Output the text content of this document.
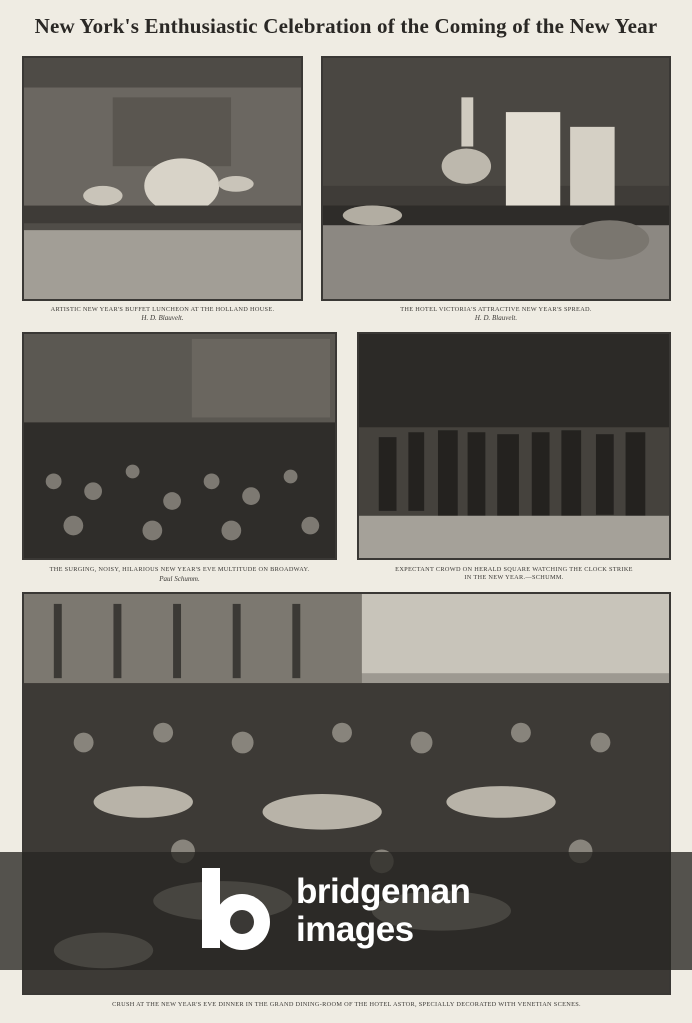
New York's Enthusiastic Celebration of the Coming of the New Year
ARTISTIC NEW YEAR'S BUFFET LUNCHEON AT THE HOLLAND HOUSE.
H. D. Blauvelt.
THE HOTEL VICTORIA'S ATTRACTIVE NEW YEAR'S SPREAD.
H. D. Blauvelt.
THE SURGING, NOISY, HILARIOUS NEW YEAR'S EVE MULTITUDE ON BROADWAY.
Paul Schumm.
EXPECTANT CROWD ON HERALD SQUARE WATCHING THE CLOCK STRIKE
IN THE NEW YEAR.—SCHUMM.
CRUSH AT THE NEW YEAR'S EVE DINNER IN THE GRAND DINING-ROOM OF THE HOTEL ASTOR, SPECIALLY DECORATED WITH VENETIAN SCENES.
bridgeman
images
